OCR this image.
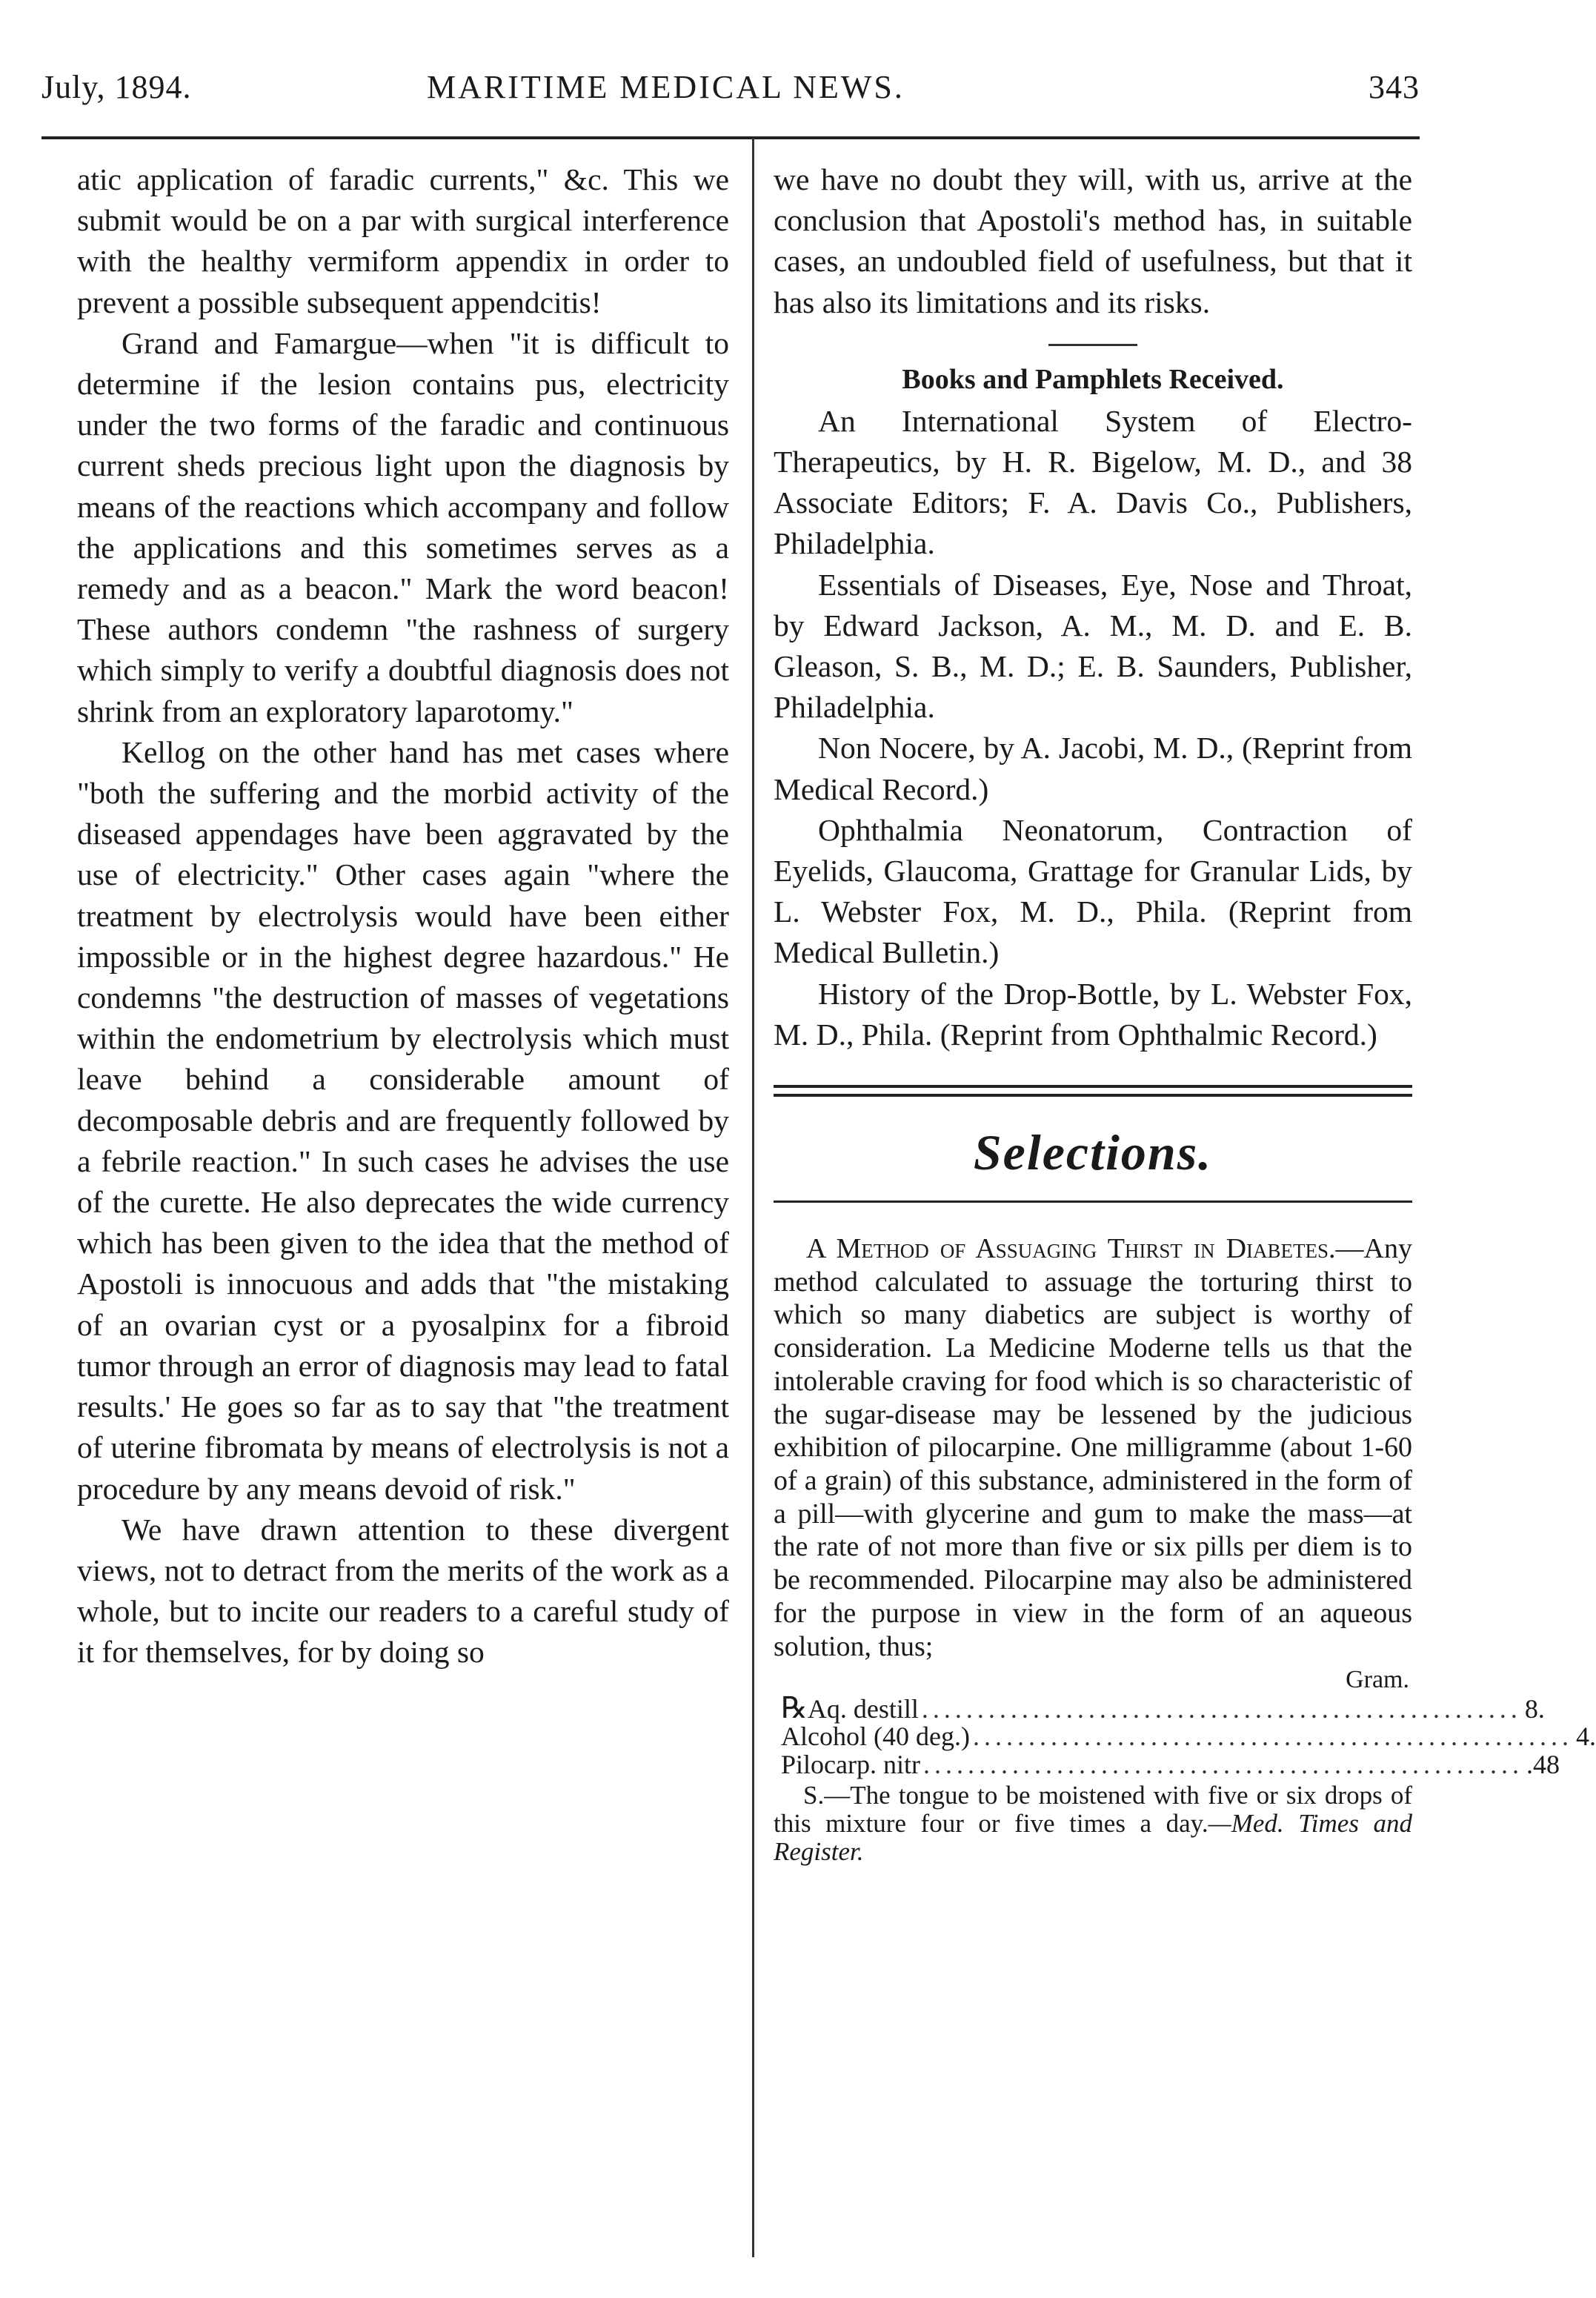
July, 1894.	MARITIME MEDICAL NEWS.	343

atic application of faradic currents," &c. This we submit would be on a par with surgical interference with the healthy vermiform appendix in order to prevent a possible subsequent appendcitis!

Grand and Famargue—when "it is difficult to determine if the lesion contains pus, electricity under the two forms of the faradic and continuous current sheds precious light upon the diagnosis by means of the reactions which accompany and follow the applications and this sometimes serves as a remedy and as a beacon." Mark the word beacon! These authors condemn "the rashness of surgery which simply to verify a doubtful diagnosis does not shrink from an exploratory laparotomy."

Kellog on the other hand has met cases where "both the suffering and the morbid activity of the diseased appendages have been aggravated by the use of electricity." Other cases again "where the treatment by electrolysis would have been either impossible or in the highest degree hazardous." He condemns "the destruction of masses of vegetations within the endometrium by electrolysis which must leave behind a considerable amount of decomposable debris and are frequently followed by a febrile reaction." In such cases he advises the use of the curette. He also deprecates the wide currency which has been given to the idea that the method of Apostoli is innocuous and adds that "the mistaking of an ovarian cyst or a pyosalpinx for a fibroid tumor through an error of diagnosis may lead to fatal results.' He goes so far as to say that "the treatment of uterine fibromata by means of electrolysis is not a procedure by any means devoid of risk."

We have drawn attention to these divergent views, not to detract from the merits of the work as a whole, but to incite our readers to a careful study of it for themselves, for by doing so

we have no doubt they will, with us, arrive at the conclusion that Apostoli's method has, in suitable cases, an undoubled field of usefulness, but that it has also its limitations and its risks.

Books and Pamphlets Received.

An International System of Electro-Therapeutics, by H. R. Bigelow, M. D., and 38 Associate Editors; F. A. Davis Co., Publishers, Philadelphia.

Essentials of Diseases, Eye, Nose and Throat, by Edward Jackson, A. M., M. D. and E. B. Gleason, S. B., M. D.; E. B. Saunders, Publisher, Philadelphia.

Non Nocere, by A. Jacobi, M. D., (Reprint from Medical Record.)

Ophthalmia Neonatorum, Contraction of Eyelids, Glaucoma, Grattage for Granular Lids, by L. Webster Fox, M. D., Phila. (Reprint from Medical Bulletin.)

History of the Drop-Bottle, by L. Webster Fox, M. D., Phila. (Reprint from Ophthalmic Record.)

Selections.

A Method of Assuaging Thirst in Diabetes.—Any method calculated to assuage the torturing thirst to which so many diabetics are subject is worthy of consideration. La Medicine Moderne tells us that the intolerable craving for food which is so characteristic of the sugar-disease may be lessened by the judicious exhibition of pilocarpine. One milligramme (about 1-60 of a grain) of this substance, administered in the form of a pill—with glycerine and gum to make the mass—at the rate of not more than five or six pills per diem is to be recommended. Pilocarpine may also be administered for the purpose in view in the form of an aqueous solution, thus;

Gram.
℞ Aq. destill ...................................................... 8.
Alcohol (40 deg.) ...................................................... 4.
Pilocarp. nitr ...................................................... .48

S.—The tongue to be moistened with five or six drops of this mixture four or five times a day.—Med. Times and Register.
